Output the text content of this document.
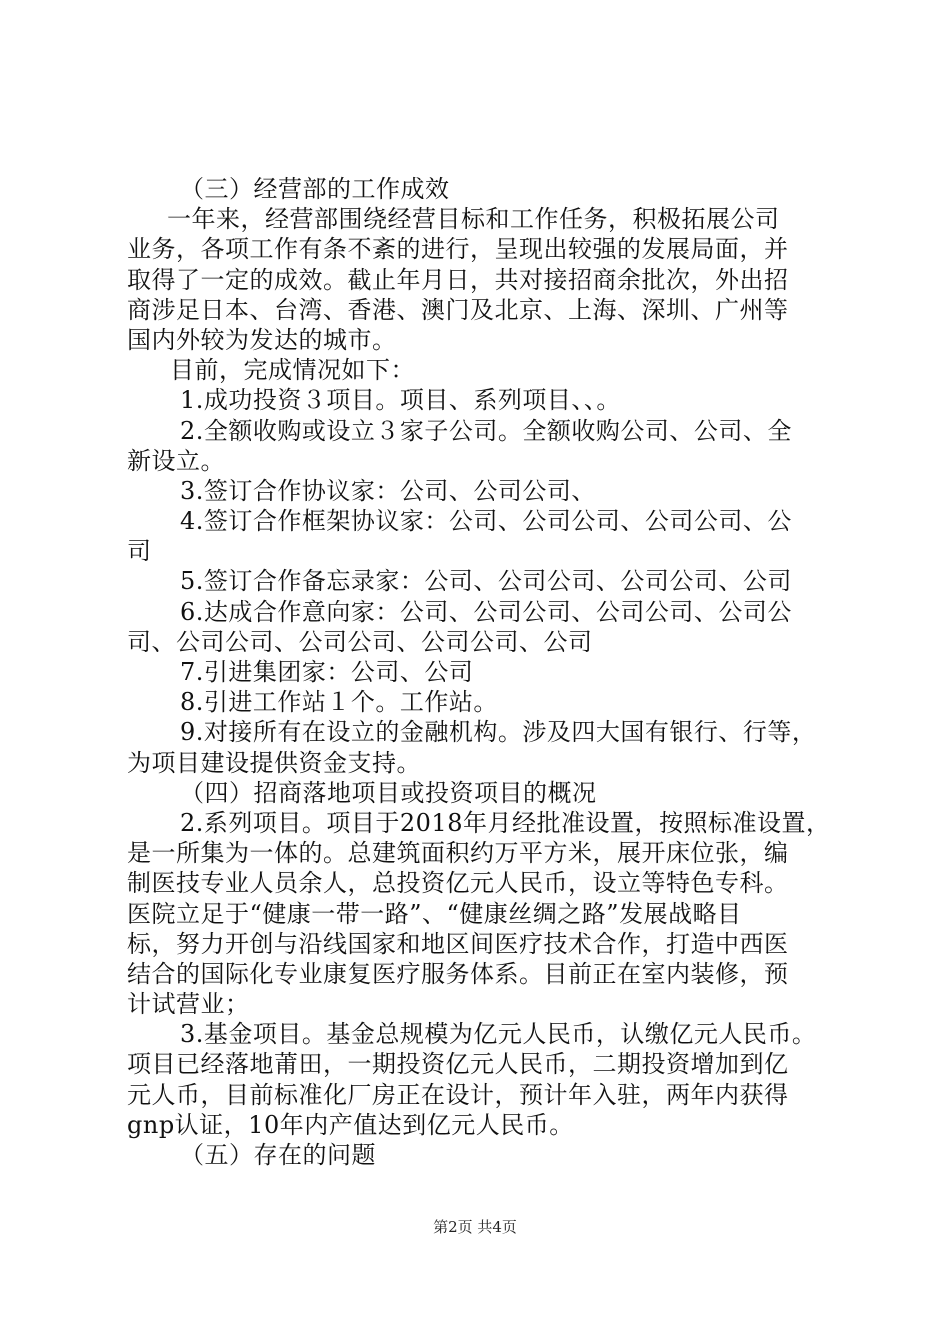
（三）经营部的工作成效
一年来，经营部围绕经营目标和工作任务，积极拓展公司
业务，各项工作有条不紊的进行，呈现出较强的发展局面，并
取得了一定的成效。截止年月日，共对接招商余批次，外出招
商涉足日本、台湾、香港、澳门及北京、上海、深圳、广州等
国内外较为发达的城市。
目前，完成情况如下：
1.成功投资３项目。项目、系列项目、、。
2.全额收购或设立３家子公司。全额收购公司、公司、全
新设立。
3.签订合作协议家：公司、公司公司、
4.签订合作框架协议家：公司、公司公司、公司公司、公
司
5.签订合作备忘录家：公司、公司公司、公司公司、公司
6.达成合作意向家：公司、公司公司、公司公司、公司公
司、公司公司、公司公司、公司公司、公司
7.引进集团家：公司、公司
8.引进工作站１个。工作站。
9.对接所有在设立的金融机构。涉及四大国有银行、行等，
为项目建设提供资金支持。
（四）招商落地项目或投资项目的概况
2.系列项目。项目于2018年月经批准设置，按照标准设置，
是一所集为一体的。总建筑面积约万平方米，展开床位张，编
制医技专业人员余人，总投资亿元人民币，设立等特色专科。
医院立足于“健康一带一路”、“健康丝绸之路”发展战略目
标，努力开创与沿线国家和地区间医疗技术合作，打造中西医
结合的国际化专业康复医疗服务体系。目前正在室内装修，预
计试营业；
3.基金项目。基金总规模为亿元人民币，认缴亿元人民币。
项目已经落地莆田，一期投资亿元人民币，二期投资增加到亿
元人币，目前标准化厂房正在设计，预计年入驻，两年内获得
gnp认证，10年内产值达到亿元人民币。
（五）存在的问题
第2页 共4页
